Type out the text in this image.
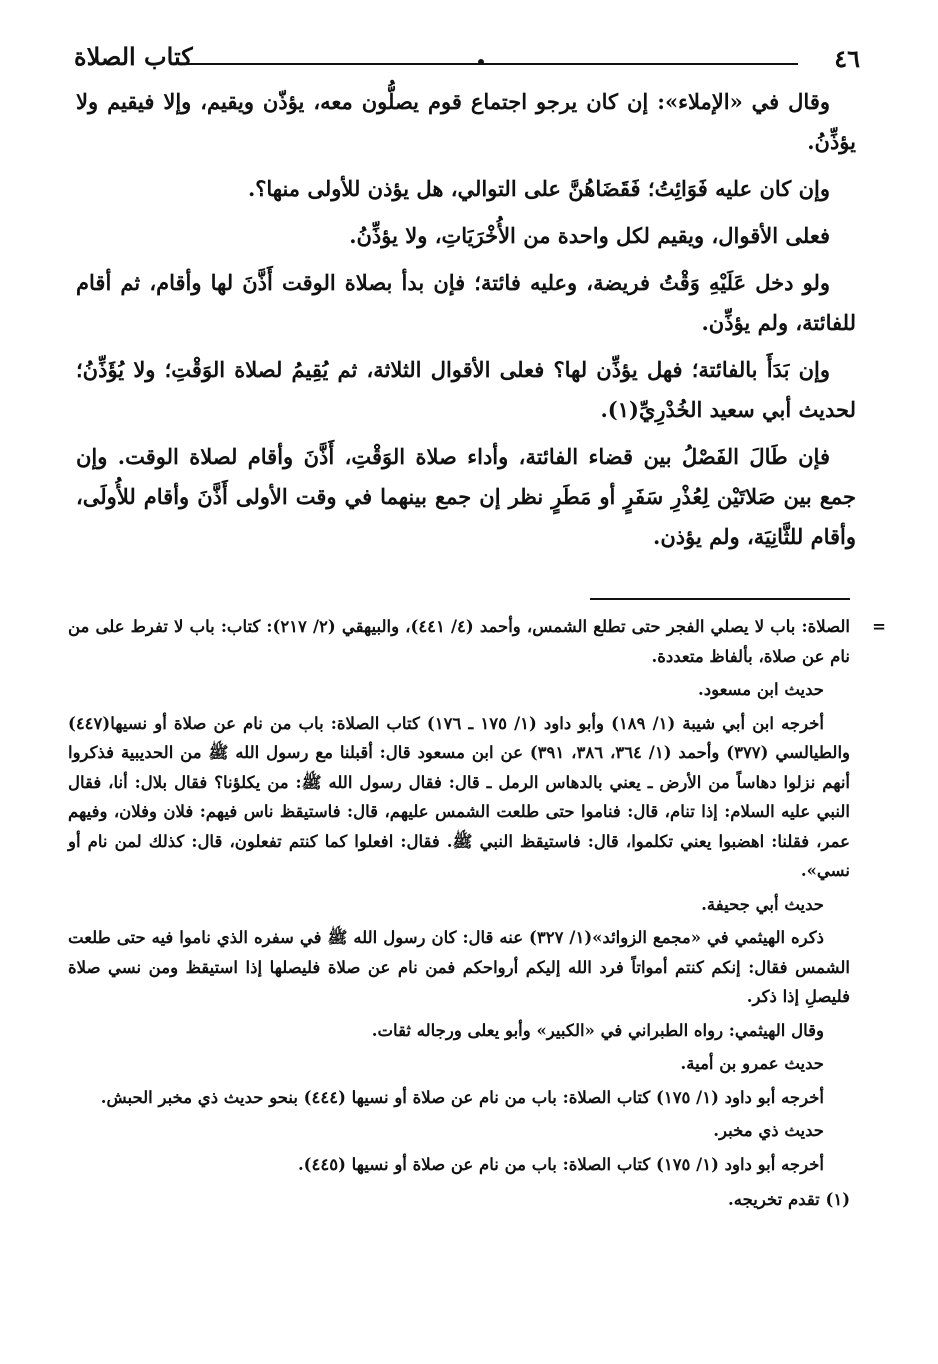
٤٦
كتاب الصلاة

وقال في «الإملاء»: إن كان يرجو اجتماع قوم يصلُّون معه، يؤذّن ويقيم، وإلا فيقيم ولا يؤذِّنُ.

وإن كان عليه فَوَائِتُ؛ فَقَضَاهُنَّ على التوالي، هل يؤذن للأولى منها؟.

فعلى الأقوال، ويقيم لكل واحدة من الأُخْرَيَاتِ، ولا يؤذِّنُ.

ولو دخل عَلَيْهِ وَقْتُ فريضة، وعليه فائتة؛ فإن بدأ بصلاة الوقت أَذَّنَ لها وأقام، ثم أقام للفائتة، ولم يؤذِّن.

وإن بَدَأَ بالفائتة؛ فهل يؤذِّن لها؟ فعلى الأقوال الثلاثة، ثم يُقِيمُ لصلاة الوَقْتِ؛ ولا يُؤَذِّنُ؛ لحديث أبي سعيد الخُدْرِيِّ(١).

فإن طَالَ الفَصْلُ بين قضاء الفائتة، وأداء صلاة الوَقْتِ، أَذَّنَ وأقام لصلاة الوقت. وإن جمع بين صَلاتَيْن لِعُذْرِ سَفَرٍ أو مَطَرٍ نظر إن جمع بينهما في وقت الأولى أَذَّنَ وأقام للأُولَى، وأقام للثَّانِيَة، ولم يؤذن.

=
الصلاة: باب لا يصلي الفجر حتى تطلع الشمس، وأحمد (٤/ ٤٤١)، والبيهقي (٢/ ٢١٧): كتاب: باب لا تفرط على من نام عن صلاة، بألفاظ متعددة.

حديث ابن مسعود.

أخرجه ابن أبي شيبة (١/ ١٨٩) وأبو داود (١/ ١٧٥ ـ ١٧٦) كتاب الصلاة: باب من نام عن صلاة أو نسيها(٤٤٧) والطيالسي (٣٧٧) وأحمد (١/ ٣٦٤، ٣٨٦، ٣٩١) عن ابن مسعود قال: أقبلنا مع رسول الله ﷺ من الحديبية فذكروا أنهم نزلوا دهاساً من الأرض ـ يعني بالدهاس الرمل ـ قال: فقال رسول الله ﷺ: من يكلؤنا؟ فقال بلال: أنا، فقال النبي عليه السلام: إذا تنام، قال: فناموا حتى طلعت الشمس عليهم، قال: فاستيقظ ناس فيهم: فلان وفلان، وفيهم عمر، فقلنا: اهضبوا يعني تكلموا، قال: فاستيقظ النبي ﷺ. فقال: افعلوا كما كنتم تفعلون، قال: كذلك لمن نام أو نسي».

حديث أبي جحيفة.

ذكره الهيثمي في «مجمع الزوائد»(١/ ٣٢٧) عنه قال: كان رسول الله ﷺ في سفره الذي ناموا فيه حتى طلعت الشمس فقال: إنكم كنتم أمواتاً فرد الله إليكم أرواحكم فمن نام عن صلاة فليصلها إذا استيقظ ومن نسي صلاة فليصلِ إذا ذكر.

وقال الهيثمي: رواه الطبراني في «الكبير» وأبو يعلى ورجاله ثقات.

حديث عمرو بن أمية.

أخرجه أبو داود (١/ ١٧٥) كتاب الصلاة: باب من نام عن صلاة أو نسيها (٤٤٤) بنحو حديث ذي مخبر الحبش.

حديث ذي مخبر.

أخرجه أبو داود (١/ ١٧٥) كتاب الصلاة: باب من نام عن صلاة أو نسيها (٤٤٥).

(١) تقدم تخريجه.
